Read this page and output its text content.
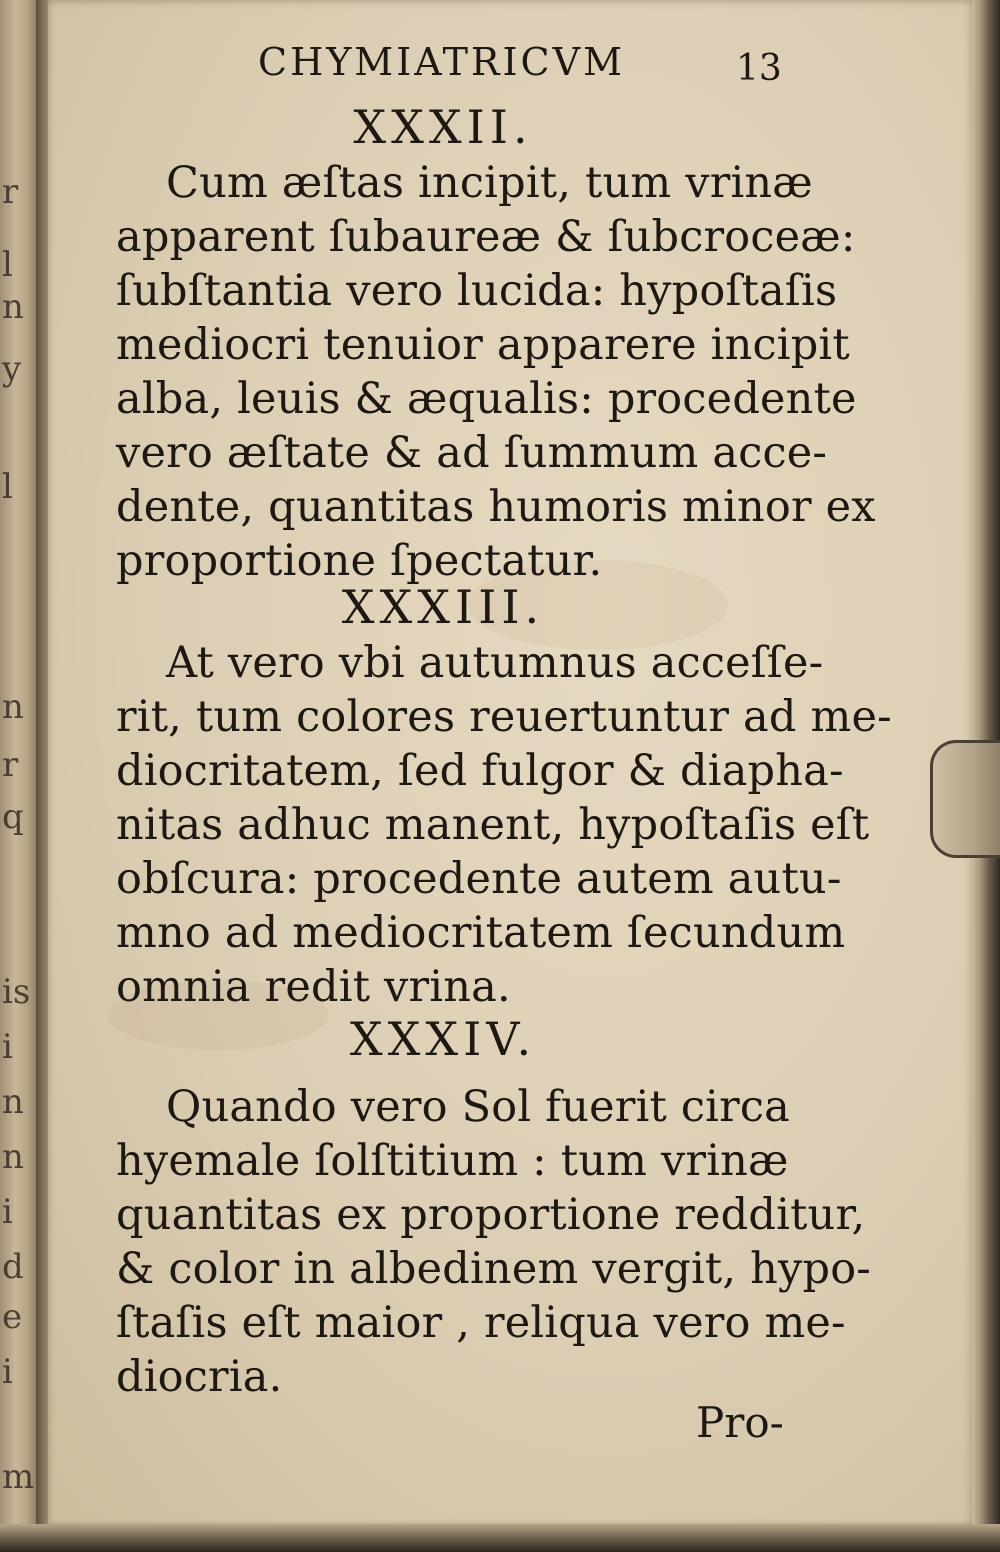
r
l
n
y
l
n
r
q
is
i
n
n
i
d
e
i
m

CHYMIATRICVM	13

XXXII.

Cum æſtas incipit, tum vrinæ

apparent ſubaureæ & ſubcroceæ:

ſubſtantia vero lucida: hypoſtaſis

mediocri tenuior apparere incipit

alba, leuis & æqualis: procedente

vero æſtate & ad ſummum acce-

dente, quantitas humoris minor ex

proportione ſpectatur.

XXXIII.

At vero vbi autumnus acceſſe-

rit, tum colores reuertuntur ad me-

diocritatem, ſed fulgor & diapha-

nitas adhuc manent, hypoſtaſis eſt

obſcura: procedente autem autu-

mno ad mediocritatem ſecundum

omnia redit vrina.

XXXIV.

Quando vero Sol fuerit circa

hyemale ſolſtitium : tum vrinæ

quantitas ex proportione redditur,

& color in albedinem vergit, hypo-

ſtaſis eſt maior , reliqua vero me-

diocria.

Pro-
